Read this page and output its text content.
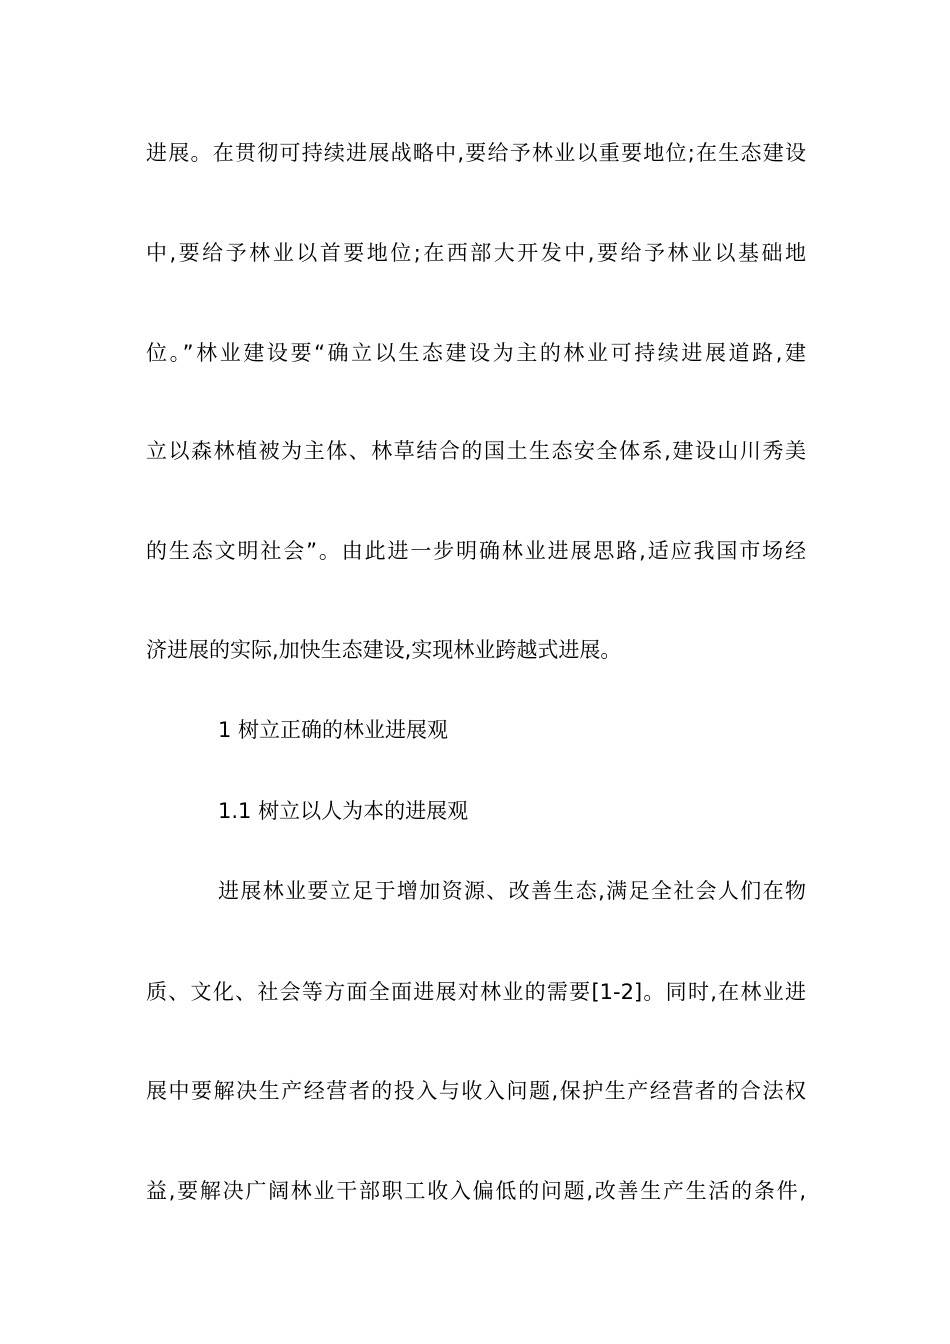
进展。在贯彻可持续进展战略中,要给予林业以重要地位;在生态建设
中,要给予林业以首要地位;在西部大开发中,要给予林业以基础地
位。”林业建设要“确立以生态建设为主的林业可持续进展道路,建
立以森林植被为主体、林草结合的国土生态安全体系,建设山川秀美
的生态文明社会”。由此进一步明确林业进展思路,适应我国市场经
济进展的实际,加快生态建设,实现林业跨越式进展。
1 树立正确的林业进展观
1.1 树立以人为本的进展观
进展林业要立足于增加资源、改善生态,满足全社会人们在物
质、文化、社会等方面全面进展对林业的需要[1-2]。同时,在林业进
展中要解决生产经营者的投入与收入问题,保护生产经营者的合法权
益,要解决广阔林业干部职工收入偏低的问题,改善生产生活的条件,
